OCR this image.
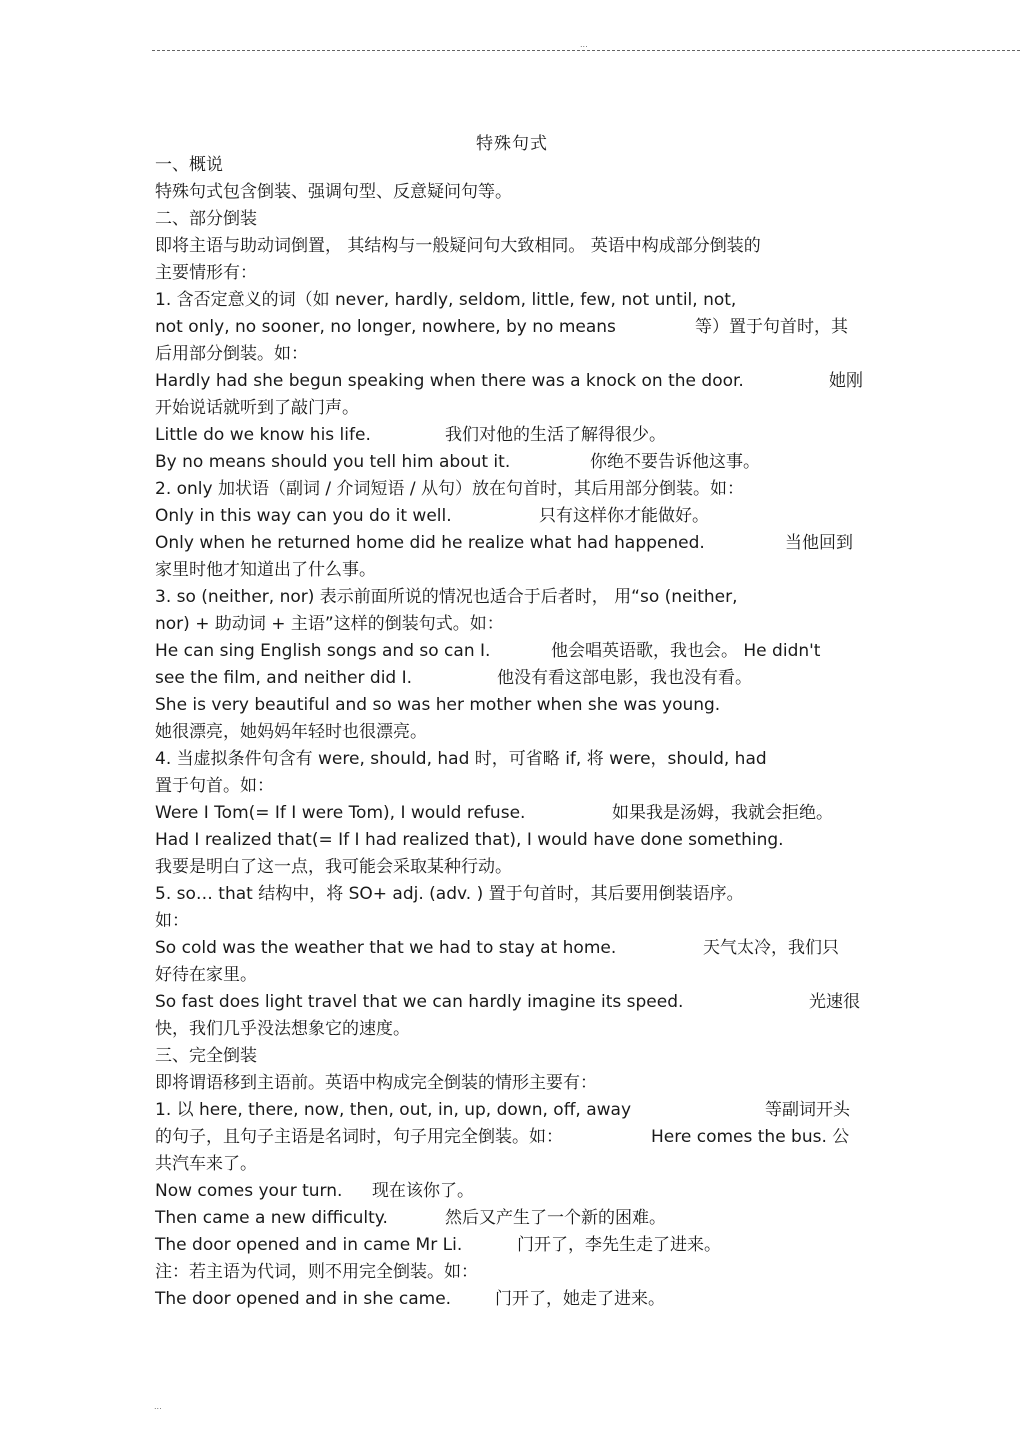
...
特殊句式
一、概说
特殊句式包含倒装、强调句型、反意疑问句等。
二、部分倒装
即将主语与助动词倒置， 其结构与一般疑问句大致相同。 英语中构成部分倒装的
主要情形有：
1. 含否定意义的词（如 never, hardly, seldom, little, few, not until, not,
not only, no sooner, no longer, nowhere, by no means	等）置于句首时，其
后用部分倒装。如：
Hardly had she begun speaking when there was a knock on the door.	她刚
开始说话就听到了敲门声。
Little do we know his life.	我们对他的生活了解得很少。
By no means should you tell him about it.	你绝不要告诉他这事。
2. only 加状语（副词 / 介词短语 / 从句）放在句首时，其后用部分倒装。如：
Only in this way can you do it well.	只有这样你才能做好。
Only when he returned home did he realize what had happened.	当他回到
家里时他才知道出了什么事。
3. so (neither, nor) 表示前面所说的情况也适合于后者时， 用“so (neither,
nor) + 助动词 + 主语”这样的倒装句式。如：
He can sing English songs and so can I.	他会唱英语歌，我也会。 He didn't
see the film, and neither did I.	他没有看这部电影，我也没有看。
She is very beautiful and so was her mother when she was young.
她很漂亮，她妈妈年轻时也很漂亮。
4. 当虚拟条件句含有 were, should, had 时，可省略 if, 将 were，should, had
置于句首。如：
Were I Tom(= If I were Tom), I would refuse.	如果我是汤姆，我就会拒绝。
Had I realized that(= If I had realized that), I would have done something.
我要是明白了这一点，我可能会采取某种行动。
5. so… that 结构中，将 SO+ adj. (adv. ) 置于句首时，其后要用倒装语序。
如：
So cold was the weather that we had to stay at home.	天气太冷，我们只
好待在家里。
So fast does light travel that we can hardly imagine its speed.	光速很
快，我们几乎没法想象它的速度。
三、完全倒装
即将谓语移到主语前。英语中构成完全倒装的情形主要有：
1. 以 here, there, now, then, out, in, up, down, off, away	等副词开头
的句子，且句子主语是名词时，句子用完全倒装。如：	Here comes the bus. 公
共汽车来了。
Now comes your turn. 现在该你了。
Then came a new difficulty.	然后又产生了一个新的困难。
The door opened and in came Mr Li.	门开了，李先生走了进来。
注：若主语为代词，则不用完全倒装。如：
The door opened and in she came.	门开了，她走了进来。
...
